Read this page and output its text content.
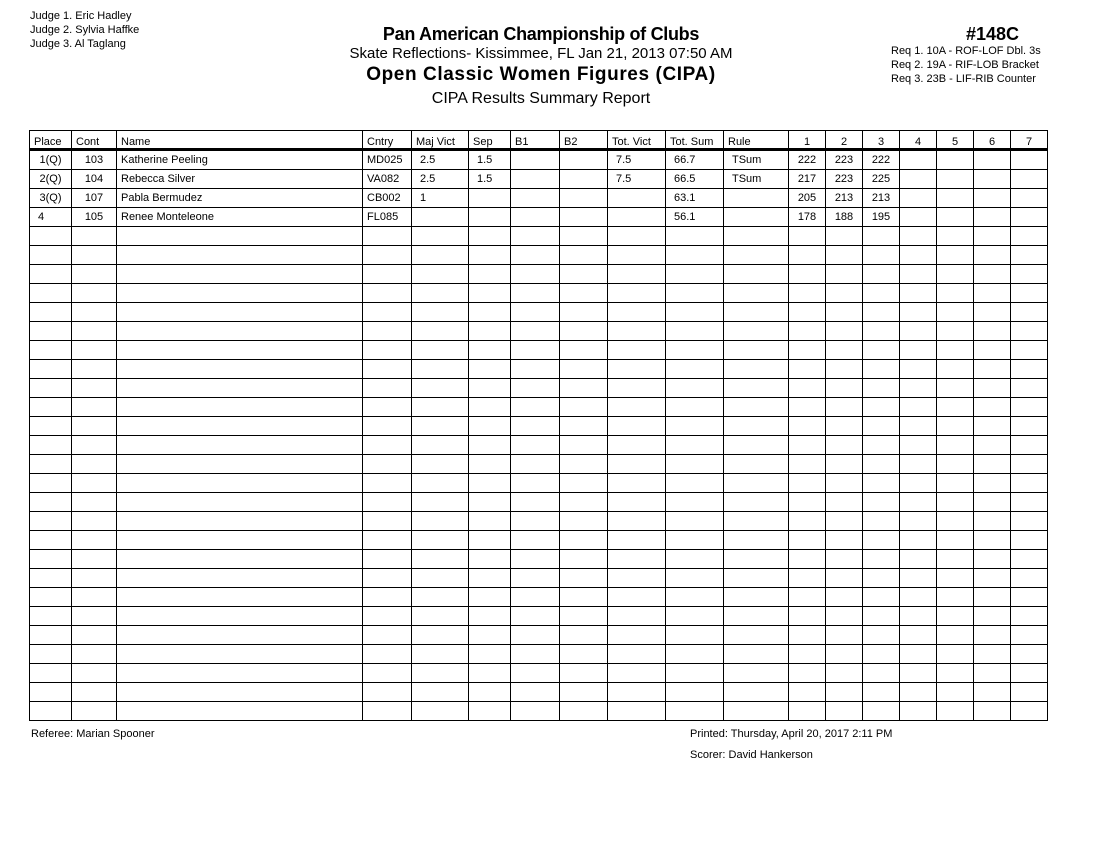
Judge 1. Eric Hadley
Judge 2. Sylvia Haffke
Judge 3. Al Taglang	Pan American Championship of Clubs
Skate Reflections- Kissimmee, FL Jan 21, 2013 07:50 AM
Open Classic Women Figures (CIPA)
CIPA Results Summary Report
#148C
Req 1. 10A - ROF-LOF Dbl. 3s
Req 2. 19A - RIF-LOB Bracket
Req 3. 23B - LIF-RIB Counter
Place	Cont	Name	Cntry	Maj Vict	Sep	B1	B2	Tot. Vict	Tot. Sum	Rule	1	2	3	4	5	6	7
1(Q)	103	Katherine Peeling	MD025	2.5	1.5			7.5	66.7	TSum	222	223	222				
2(Q)	104	Rebecca Silver	VA082	2.5	1.5			7.5	66.5	TSum	217	223	225				
3(Q)	107	Pabla Bermudez	CB002	1					63.1		205	213	213				
4	105	Renee Monteleone	FL085						56.1		178	188	195				

Referee: Marian Spooner	Printed: Thursday, April 20, 2017 2:11 PM
Scorer: David Hankerson
